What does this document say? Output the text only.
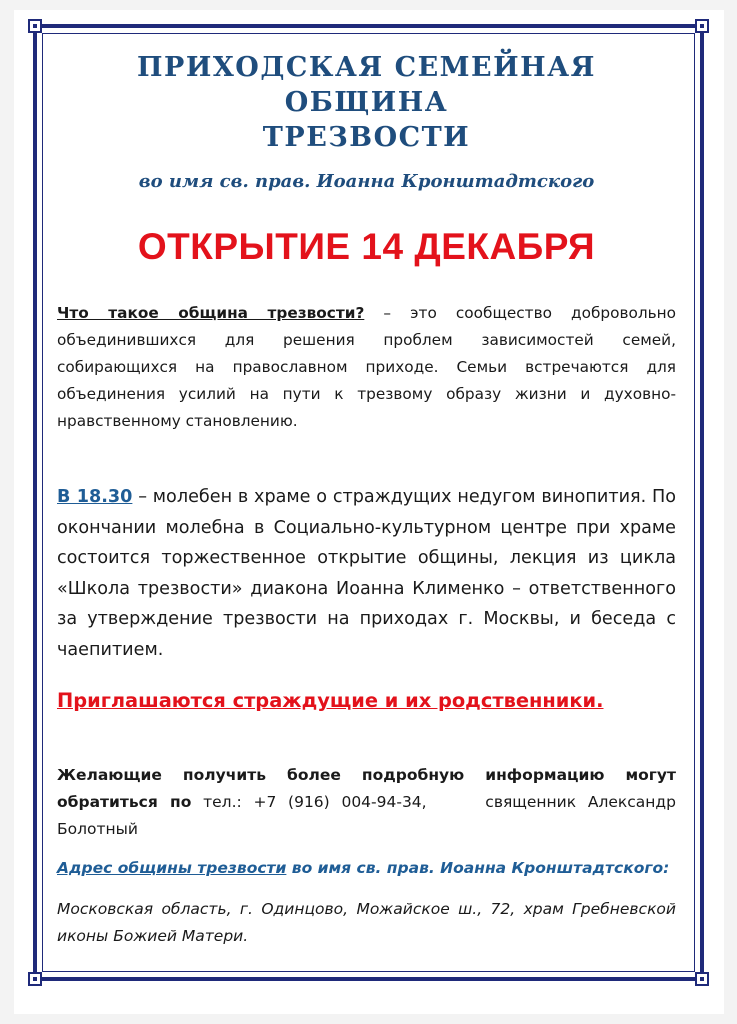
ПРИХОДСКАЯ СЕМЕЙНАЯ ОБЩИНА
ТРЕЗВОСТИ
во имя св. прав. Иоанна Кронштадтского
ОТКРЫТИЕ 14 ДЕКАБРЯ

Что такое община трезвости? – это сообщество добровольно объединившихся для решения проблем зависимостей семей, собирающихся на православном приходе. Семьи встречаются для объединения усилий на пути к трезвому образу жизни и духовно-нравственному становлению.

В 18.30 – молебен в храме о страждущих недугом винопития. По окончании молебна в Социально-культурном центре при храме состоится торжественное открытие общины, лекция из цикла «Школа трезвости» диакона Иоанна Клименко – ответственного за утверждение трезвости на приходах г. Москвы, и беседа с чаепитием.

Приглашаются страждущие и их родственники.

Желающие получить более подробную информацию могут обратиться по тел.: +7 (916) 004-94-34,     священник Александр Болотный

Адрес общины трезвости во имя св. прав. Иоанна Кронштадтского:
Московская область, г. Одинцово, Можайское ш., 72, храм Гребневской иконы Божией Матери.
